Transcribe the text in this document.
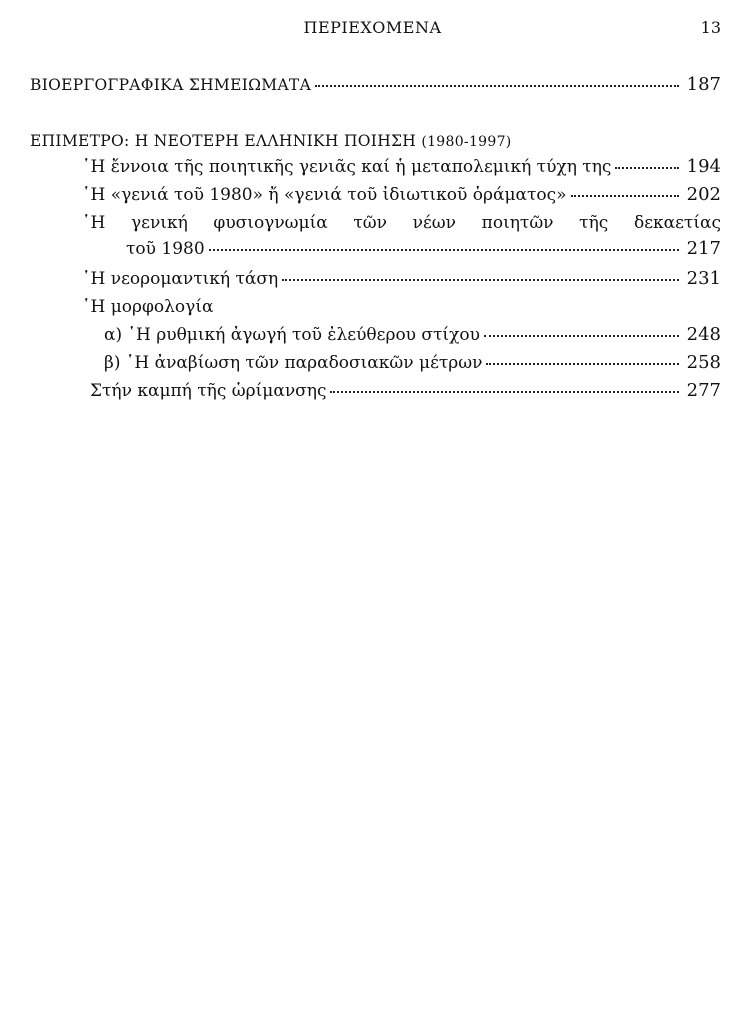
ΠΕΡΙΕΧΟΜΕΝΑ	13
ΒΙΟΕΡΓΟΓΡΑΦΙΚΑ ΣΗΜΕΙΩΜΑΤΑ	187
ΕΠΙΜΕΤΡΟ: Η ΝΕΟΤΕΡΗ ΕΛΛΗΝΙΚΗ ΠΟΙΗΣΗ (1980-1997)
῾Η ἔννοια τῆς ποιητικῆς γενιᾶς καί ἡ μεταπολεμική τύχη της	194
῾Η «γενιά τοῦ 1980» ἤ «γενιά τοῦ ἰδιωτικοῦ ὁράματος»	202
῾Η γενική φυσιογνωμία τῶν νέων ποιητῶν τῆς δεκαετίας
τοῦ 1980	217
῾Η νεορομαντική τάση	231
῾Η μορφολογία
α) ῾Η ρυθμική ἀγωγή τοῦ ἐλεύθερου στίχου	248
β) ῾Η ἀναβίωση τῶν παραδοσιακῶν μέτρων	258
Στήν καμπή τῆς ὡρίμανσης	277
